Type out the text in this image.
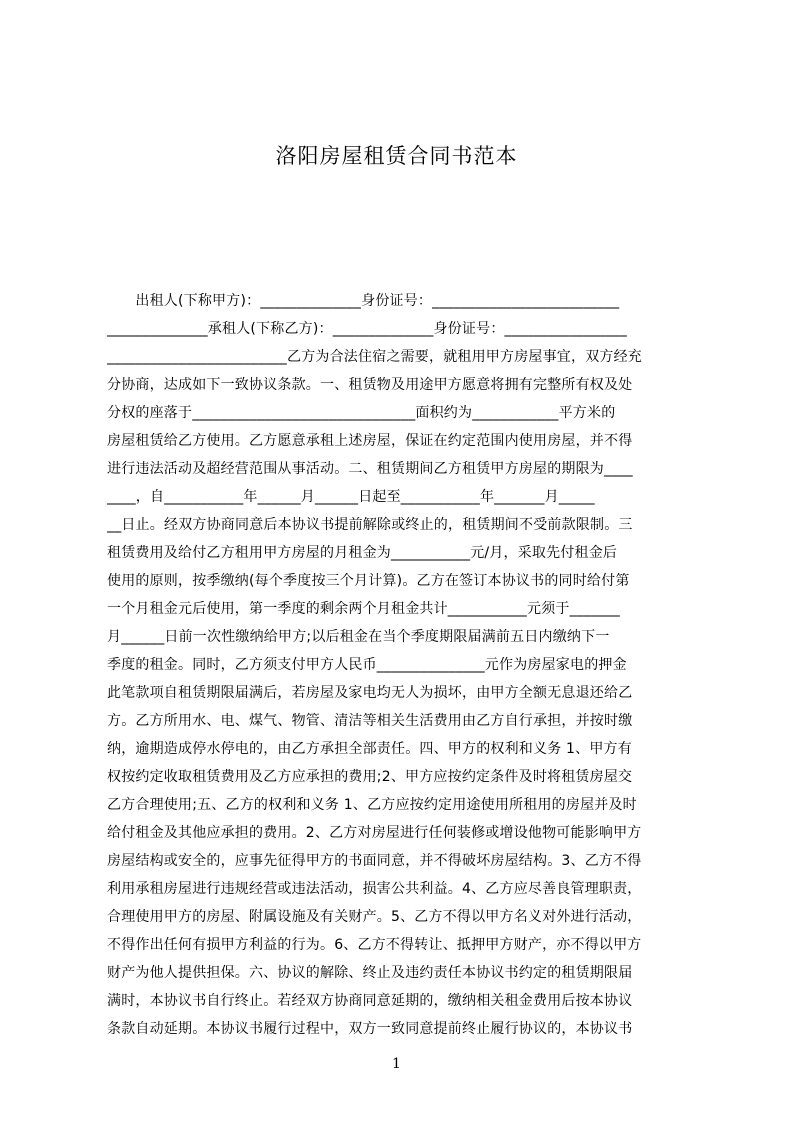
洛阳房屋租赁合同书范本
　　出租人(下称甲方)：______________身份证号：__________________________
______________承租人(下称乙方)：______________身份证号：_________________
_________________________乙方为合法住宿之需要，就租用甲方房屋事宜，双方经充
分协商，达成如下一致协议条款。一、租赁物及用途甲方愿意将拥有完整所有权及处
分权的座落于_______________________________面积约为____________平方米的
房屋租赁给乙方使用。乙方愿意承租上述房屋，保证在约定范围内使用房屋，并不得
进行违法活动及超经营范围从事活动。二、租赁期间乙方租赁甲方房屋的期限为____
____，自___________年______月______日起至___________年_______月_____
__日止。经双方协商同意后本协议书提前解除或终止的，租赁期间不受前款限制。三
租赁费用及给付乙方租用甲方房屋的月租金为___________元/月，采取先付租金后
使用的原则，按季缴纳(每个季度按三个月计算)。乙方在签订本协议书的同时给付第
一个月租金元后使用，第一季度的剩余两个月租金共计___________元须于_______
月______日前一次性缴纳给甲方;以后租金在当个季度期限届满前五日内缴纳下一
季度的租金。同时，乙方须支付甲方人民币_______________元作为房屋家电的押金
此笔款项自租赁期限届满后，若房屋及家电均无人为损坏，由甲方全额无息退还给乙
方。乙方所用水、电、煤气、物管、清洁等相关生活费用由乙方自行承担，并按时缴
纳，逾期造成停水停电的，由乙方承担全部责任。四、甲方的权利和义务 1、甲方有
权按约定收取租赁费用及乙方应承担的费用;2、甲方应按约定条件及时将租赁房屋交
乙方合理使用;五、乙方的权利和义务 1、乙方应按约定用途使用所租用的房屋并及时
给付租金及其他应承担的费用。2、乙方对房屋进行任何装修或增设他物可能影响甲方
房屋结构或安全的，应事先征得甲方的书面同意，并不得破坏房屋结构。3、乙方不得
利用承租房屋进行违规经营或违法活动，损害公共利益。4、乙方应尽善良管理职责，
合理使用甲方的房屋、附属设施及有关财产。5、乙方不得以甲方名义对外进行活动，
不得作出任何有损甲方利益的行为。6、乙方不得转让、抵押甲方财产，亦不得以甲方
财产为他人提供担保。六、协议的解除、终止及违约责任本协议书约定的租赁期限届
满时，本协议书自行终止。若经双方协商同意延期的，缴纳相关租金费用后按本协议
条款自动延期。本协议书履行过程中，双方一致同意提前终止履行协议的，本协议书
1
